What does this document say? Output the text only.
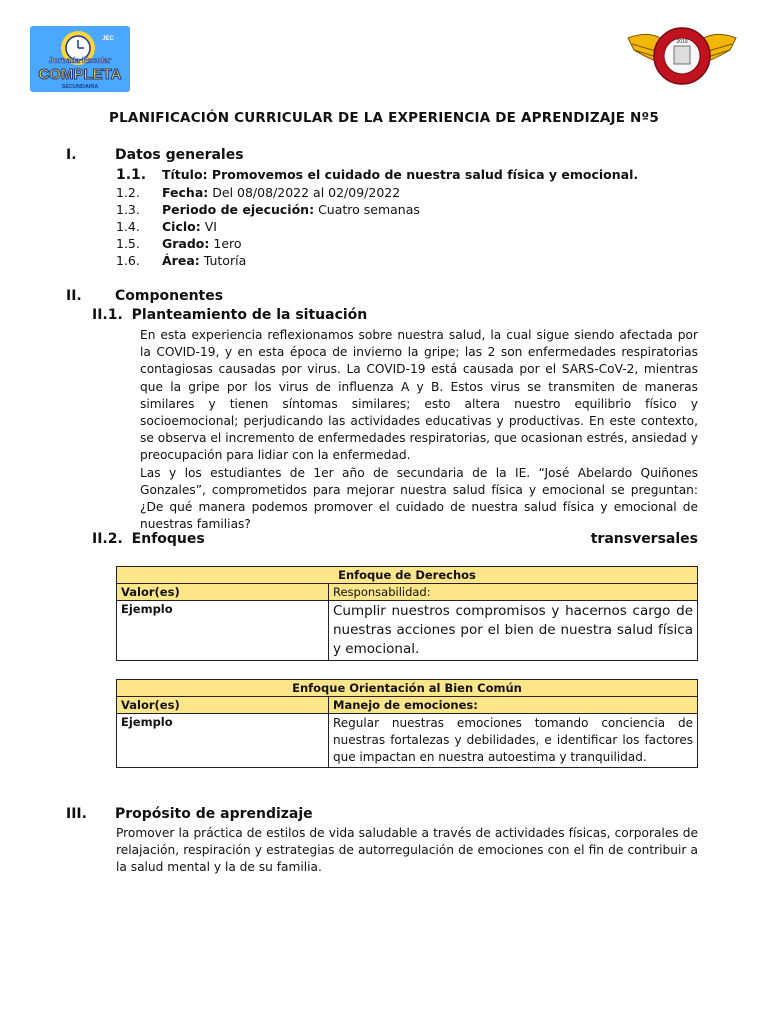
Jornada Escolar
COMPLETA
SECUNDARIA
JEC	2019
PLANIFICACIÓN CURRICULAR DE LA EXPERIENCIA DE APRENDIZAJE Nº5
I.	Datos generales
1.1. Título: Promovemos el cuidado de nuestra salud física y emocional.
1.2. Fecha: Del 08/08/2022 al 02/09/2022
1.3. Periodo de ejecución: Cuatro semanas
1.4. Ciclo: VI
1.5. Grado: 1ero
1.6. Área: Tutoría
II. Componentes
II.1. Planteamiento de la situación

En esta experiencia reflexionamos sobre nuestra salud, la cual sigue siendo afectada por la COVID-19, y en esta época de invierno la gripe; las 2 son enfermedades respiratorias contagiosas causadas por virus. La COVID-19 está causada por el SARS-CoV-2, mientras que la gripe por los virus de influenza A y B. Estos virus se transmiten de maneras similares y tienen síntomas similares; esto altera nuestro equilibrio físico y socioemocional; perjudicando las actividades educativas y productivas. En este contexto, se observa el incremento de enfermedades respiratorias, que ocasionan estrés, ansiedad y preocupación para lidiar con la enfermedad.

Las y los estudiantes de 1er año de secundaria de la IE. “José Abelardo Quiñones Gonzales”, comprometidos para mejorar nuestra salud física y emocional se preguntan: ¿De qué manera podemos promover el cuidado de nuestra salud física y emocional de nuestras familias?

II.2. Enfoques	transversales
Enfoque de Derechos	
Valor(es)	Responsabilidad:
Ejemplo	Cumplir nuestros compromisos y hacernos cargo de nuestras acciones por el bien de nuestra salud física y emocional.
Enfoque Orientación al Bien Común	
Valor(es)	Manejo de emociones:
Ejemplo	Regular nuestras emociones tomando conciencia de nuestras fortalezas y debilidades, e identificar los factores que impactan en nuestra autoestima y tranquilidad.
III. Propósito de aprendizaje
Promover la práctica de estilos de vida saludable a través de actividades físicas, corporales de relajación, respiración y estrategias de autorregulación de emociones con el fin de contribuir a la salud mental y la de su familia.
